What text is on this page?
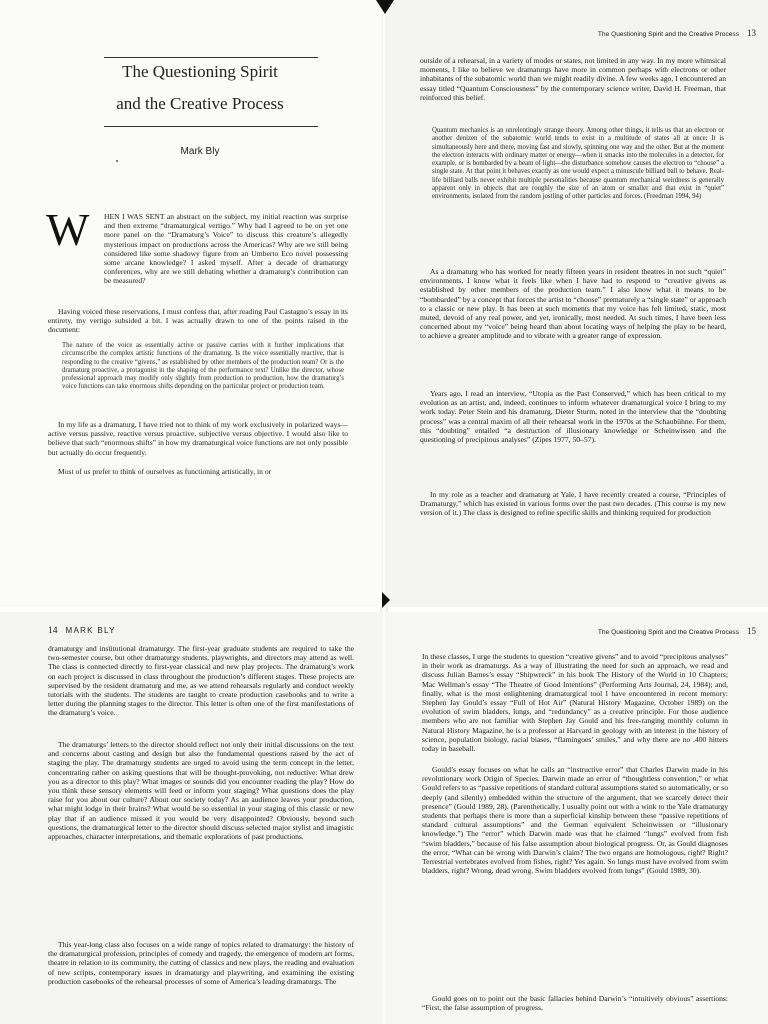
The Questioning Spirit
and the Creative Process
Mark Bly
W	HEN I WAS SENT an abstract on the subject, my initial reaction was surprise and then extreme “dramaturgical vertigo.” Why had I agreed to be on yet one more panel on the “Dramaturg’s Voice” to discuss this creature’s allegedly mysterious impact on productions across the Americas? Why are we still being considered like some shadowy figure from an Umberto Eco novel possessing some arcane knowledge? I asked myself. After a decade of dramaturgy conferences, why are we still debating whether a dramaturg’s contribution can be measured?

Having voiced these reservations, I must confess that, after reading Paul Castagno’s essay in its entirety, my vertigo subsided a bit. I was actually drawn to one of the points raised in the document:

The nature of the voice as essentially active or passive carries with it further implications that circumscribe the complex artistic functions of the dramaturg. Is the voice essentially reactive, that is responding to the creative “givens,” as established by other members of the production team? Or is the dramaturg proactive, a protagonist in the shaping of the performance text? Unlike the director, whose professional approach may modify only slightly from production to production, how the dramaturg’s voice functions can take enormous shifts depending on the particular project or production team.

In my life as a dramaturg, I have tried not to think of my work exclusively in polarized ways—active versus passive, reactive versus proactive, subjective versus objective. I would also like to believe that such “enormous shifts” in how my dramaturgical voice functions are not only possible but actually do occur frequently.

Most of us prefer to think of ourselves as functioning artistically, in or

The Questioning Spirit and the Creative Process 13

outside of a rehearsal, in a variety of modes or states, not limited in any way. In my more whimsical moments, I like to believe we dramaturgs have more in common perhaps with electrons or other inhabitants of the subatomic world than we might readily divine. A few weeks ago, I encountered an essay titled “Quantum Consciousness” by the contemporary science writer, David H. Freeman, that reinforced this belief.

Quantum mechanics is an unrelentingly strange theory. Among other things, it tells us that an electron or another denizen of the subatomic world tends to exist in a multitude of states all at once: It is simultaneously here and there, moving fast and slowly, spinning one way and the other. But at the moment the electron interacts with ordinary matter or energy—when it smacks into the molecules in a detector, for example, or is bombarded by a beam of light—the disturbance somehow causes the electron to “choose” a single state. At that point it behaves exactly as one would expect a minuscule billiard ball to behave. Real-life billiard balls never exhibit multiple personalities because quantum mechanical weirdness is generally apparent only in objects that are roughly the size of an atom or smaller and that exist in “quiet” environments, isolated from the random jostling of other particles and forces. (Freedman 1994, 94)

As a dramaturg who has worked for nearly fifteen years in resident theatres in not such “quiet” environments, I know what it feels like when I have had to respond to “creative givens as established by other members of the production team.” I also know what it means to be “bombarded” by a concept that forces the artist to “choose” prematurely a “single state” or approach to a classic or new play. It has been at such moments that my voice has felt limited, static, most muted, devoid of any real power, and yet, ironically, most needed. At such times, I have been less concerned about my “voice” being heard than about locating ways of helping the play to be heard, to achieve a greater amplitude and to vibrate with a greater range of expression.

Years ago, I read an interview, “Utopia as the Past Conserved,” which has been critical to my evolution as an artist, and, indeed, continues to inform whatever dramaturgical voice I bring to my work today. Peter Stein and his dramaturg, Dieter Sturm, noted in the interview that the “doubting process” was a central maxim of all their rehearsal work in the 1970s at the Schaubühne. For them, this “doubting” entailed “a destruction of illusionary knowledge or Scheinwissen and the questioning of precipitous analyses” (Zipes 1977, 50–57).

In my role as a teacher and dramaturg at Yale, I have recently created a course, “Principles of Dramaturgy,” which has existed in various forms over the past two decades. (This course is my new version of it.) The class is designed to refine specific skills and thinking required for production

14 MARK BLY

dramaturgy and institutional dramaturgy. The first-year graduate students are required to take the two-semester course, but other dramaturgy students, playwrights, and directors may attend as well. The class is connected directly to first-year classical and new play projects. The dramaturg’s work on each project is discussed in class throughout the production’s different stages. These projects are supervised by the resident dramaturg and me, as we attend rehearsals regularly and conduct weekly tutorials with the students. The students are taught to create production casebooks and to write a letter during the planning stages to the director. This letter is often one of the first manifestations of the dramaturg’s voice.

The dramaturgs’ letters to the director should reflect not only their initial discussions on the text and concerns about casting and design but also the fundamental questions raised by the act of staging the play. The dramaturgy students are urged to avoid using the term concept in the letter, concentrating rather on asking questions that will be thought-provoking, not reductive: What drew you as a director to this play? What images or sounds did you encounter reading the play? How do you think these sensory elements will feed or inform your staging? What questions does the play raise for you about our culture? About our society today? As an audience leaves your production, what might lodge in their brains? What would be so essential in your staging of this classic or new play that if an audience missed it you would be very disappointed? Obviously, beyond such questions, the dramaturgical letter to the director should discuss selected major stylist and imagistic approaches, character interpretations, and thematic explorations of past productions.

This year-long class also focuses on a wide range of topics related to dramaturgy: the history of the dramaturgical profession, principles of comedy and tragedy, the emergence of modern art forms, theatre in relation to its community, the cutting of classics and new plays, the reading and evaluation of new scripts, contemporary issues in dramaturgy and playwriting, and examining the existing production casebooks of the rehearsal processes of some of America’s leading dramaturgs. The

The Questioning Spirit and the Creative Process 15

In these classes, I urge the students to question “creative givens” and to avoid “precipitous analyses” in their work as dramaturgs. As a way of illustrating the need for such an approach, we read and discuss Julian Barnes’s essay “Shipwreck” in his book The History of the World in 10 Chapters; Mac Wellman’s essay “The Theatre of Good Intentions” (Performing Arts Journal, 24, 1984); and, finally, what is the most enlightening dramaturgical tool I have encountered in recent memory: Stephen Jay Gould’s essay “Full of Hot Air” (Natural History Magazine, October 1989) on the evolution of swim bladders, lungs, and “redundancy” as a creative principle. For those audience members who are not familiar with Stephen Jay Gould and his free-ranging monthly column in Natural History Magazine, he is a professor at Harvard in geology with an interest in the history of science, population biology, racial biases, “flamingoes’ smiles,” and why there are no .400 hitters today in baseball.

Gould’s essay focuses on what he calls an “instructive error” that Charles Darwin made in his revolutionary work Origin of Species. Darwin made an error of “thoughtless convention,” or what Gould refers to as “passive repetitions of standard cultural assumptions stated so automatically, or so deeply (and silently) embedded within the structure of the argument, that we scarcely detect their presence” (Gould 1989, 28). (Parenthetically, I usually point out with a wink to the Yale dramaturgy students that perhaps there is more than a superficial kinship between these “passive repetitions of standard cultural assumptions” and the German equivalent Scheinwissen or “illusionary knowledge.”) The “error” which Darwin made was that he claimed “lungs” evolved from fish “swim bladders,” because of his false assumption about biological progress. Or, as Gould diagnoses the error, “What can be wrong with Darwin’s claim? The two organs are homologous, right? Right? Terrestrial vertebrates evolved from fishes, right? Yes again. So lungs must have evolved from swim bladders, right? Wrong, dead wrong. Swim bladders evolved from lungs” (Gould 1989, 30).

Gould goes on to point out the basic fallacies behind Darwin’s “intuitively obvious” assertions: “First, the false assumption of progress,
